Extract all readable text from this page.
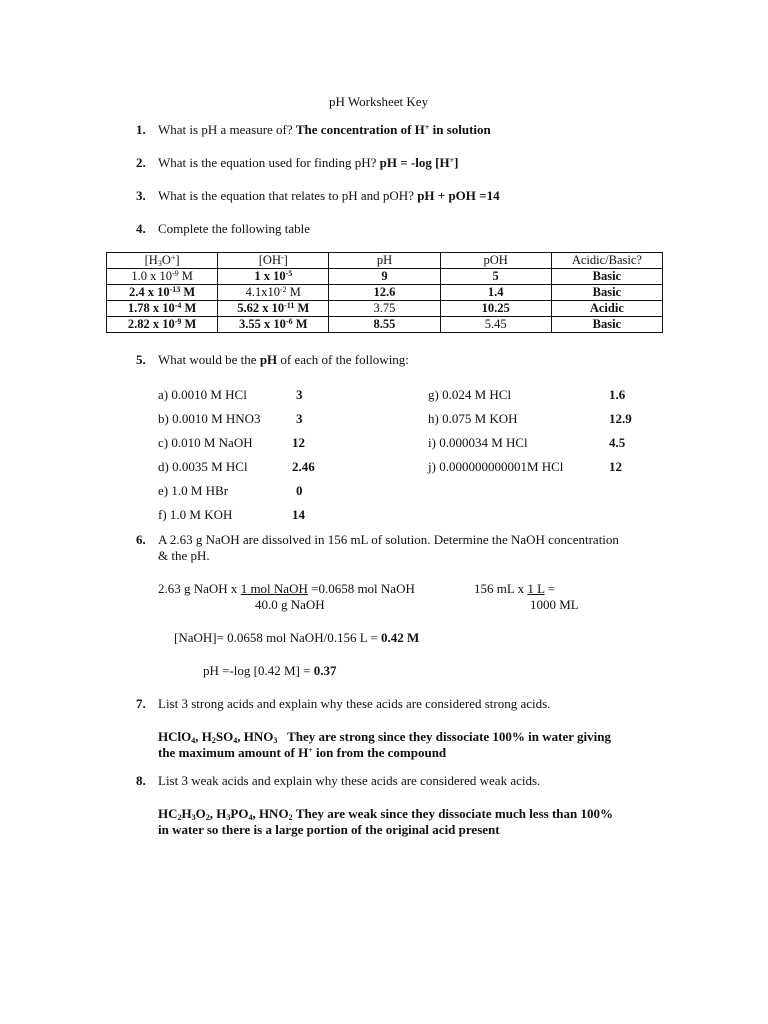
pH Worksheet Key
1. What is pH a measure of? The concentration of H+ in solution
2. What is the equation used for finding pH? pH = -log [H+]
3. What is the equation that relates to pH and pOH? pH + pOH =14
4. Complete the following table
$[H_3O^+]$	[OH-]	pH	pOH	Acidic/Basic?
1.0 x $10^{-9}$ M	1 x $10^{-5}$	9	5	Basic
2.4 x $10^{-13}$ M	$4.1x10^{-2}$ M	12.6	1.4	Basic
1.78 x $10^{-4}$ M	5.62 x $10^{-11}$ M	3.75	10.25	Acidic
2.82 x $10^{-9}$ M	3.55 x $10^{-6}$ M	8.55	5.45	Basic
5. What would be the pH of each of the following:
a) 0.0010 M HCl	3
b) 0.0010 M HNO3	3
c) 0.010 M NaOH	12
d) 0.0035 M HCl	2.46
e) 1.0 M HBr	0
f) 1.0 M KOH	14
g) 0.024 M HCl	1.6
h) 0.075 M KOH	12.9
i) 0.000034 M HCl	4.5
j) 0.000000000001M HCl	12
6. A 2.63 g NaOH are dissolved in 156 mL of solution. Determine the NaOH concentration
& the pH.
2.63 g NaOH x 1 mol NaOH =0.0658 mol NaOH
40.0 g NaOH
156 mL x 1 L =
1000 ML
[NaOH]= 0.0658 mol NaOH/0.156 L = 0.42 M
pH =-log [0.42 M] = 0.37
7. List 3 strong acids and explain why these acids are considered strong acids.
HClO$_4$, $H_2SO_4$, $HNO_3$ They are strong since they dissociate 100% in water giving
the maximum amount of H+ ion from the compound
8. List 3 weak acids and explain why these acids are considered weak acids.
$HC_2H_3O_2$, $H_3PO_4$, $HNO_2$ They are weak since they dissociate much less than 100%
in water so there is a large portion of the original acid present
